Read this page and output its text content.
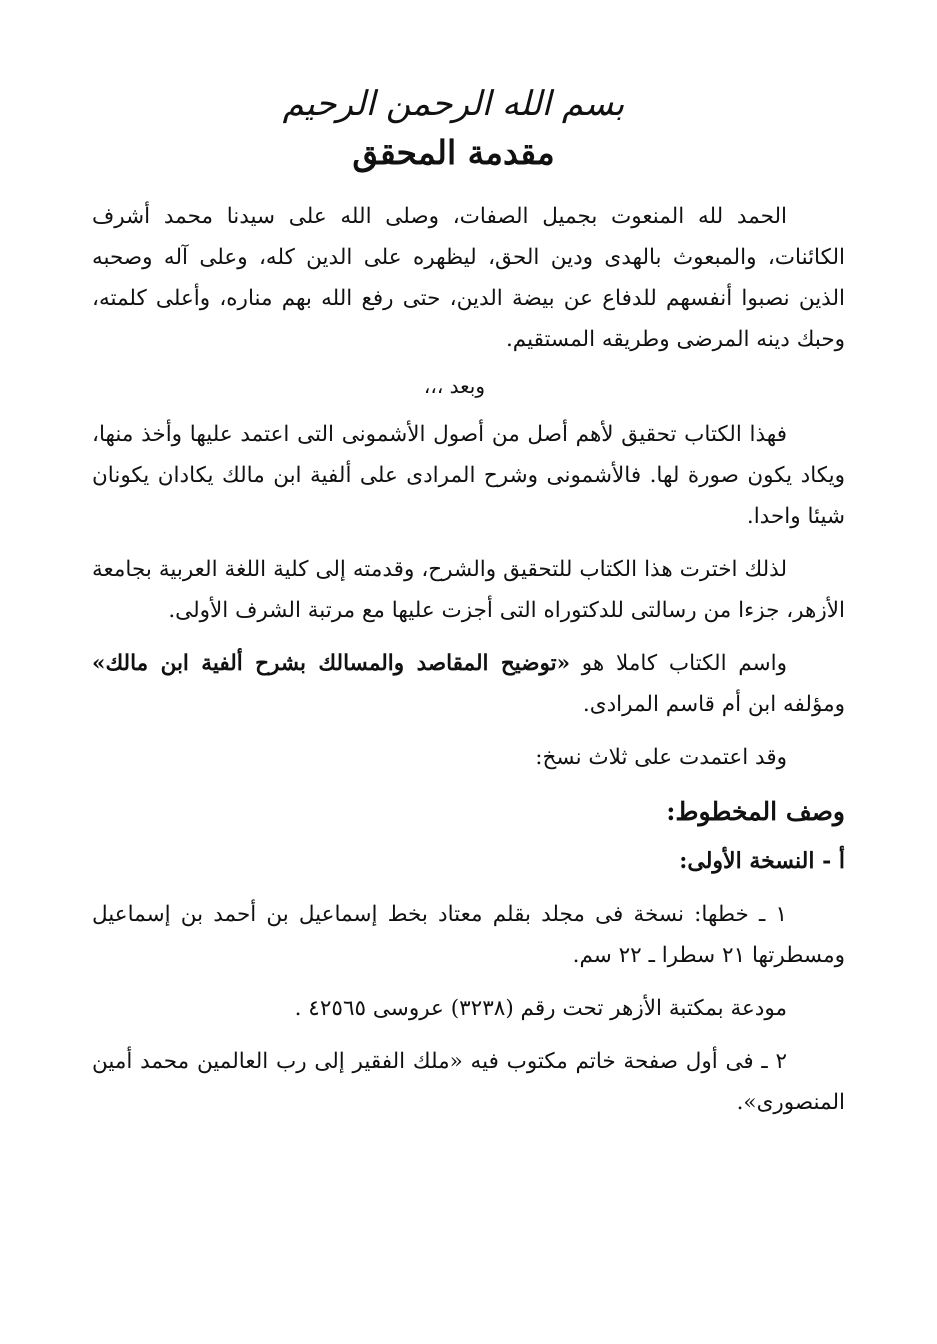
بسم الله الرحمن الرحيم
مقدمة المحقق

الحمد لله المنعوت بجميل الصفات، وصلى الله على سيدنا محمد أشرف الكائنات، والمبعوث بالهدى ودين الحق، ليظهره على الدين كله، وعلى آله وصحبه الذين نصبوا أنفسهم للدفاع عن بيضة الدين، حتى رفع الله بهم مناره، وأعلى كلمته، وحبك دينه المرضى وطريقه المستقيم.

وبعد ،،،

فهذا الكتاب تحقيق لأهم أصل من أصول الأشمونى التى اعتمد عليها وأخذ منها، ويكاد يكون صورة لها. فالأشمونى وشرح المرادى على ألفية ابن مالك يكادان يكونان شيئا واحدا.

لذلك اخترت هذا الكتاب للتحقيق والشرح، وقدمته إلى كلية اللغة العربية بجامعة الأزهر، جزءا من رسالتى للدكتوراه التى أجزت عليها مع مرتبة الشرف الأولى.

واسم الكتاب كاملا هو «توضيح المقاصد والمسالك بشرح ألفية ابن مالك» ومؤلفه ابن أم قاسم المرادى.

وقد اعتمدت على ثلاث نسخ:
وصف المخطوط:
أ - النسخة الأولى:

١ ـ خطها: نسخة فى مجلد بقلم معتاد بخط إسماعيل بن أحمد بن إسماعيل ومسطرتها ٢١ سطرا ـ ٢٢ سم.

مودعة بمكتبة الأزهر تحت رقم (٣٢٣٨) عروسى ٤٢٥٦٥ .

٢ ـ فى أول صفحة خاتم مكتوب فيه «ملك الفقير إلى رب العالمين محمد أمين المنصورى».
